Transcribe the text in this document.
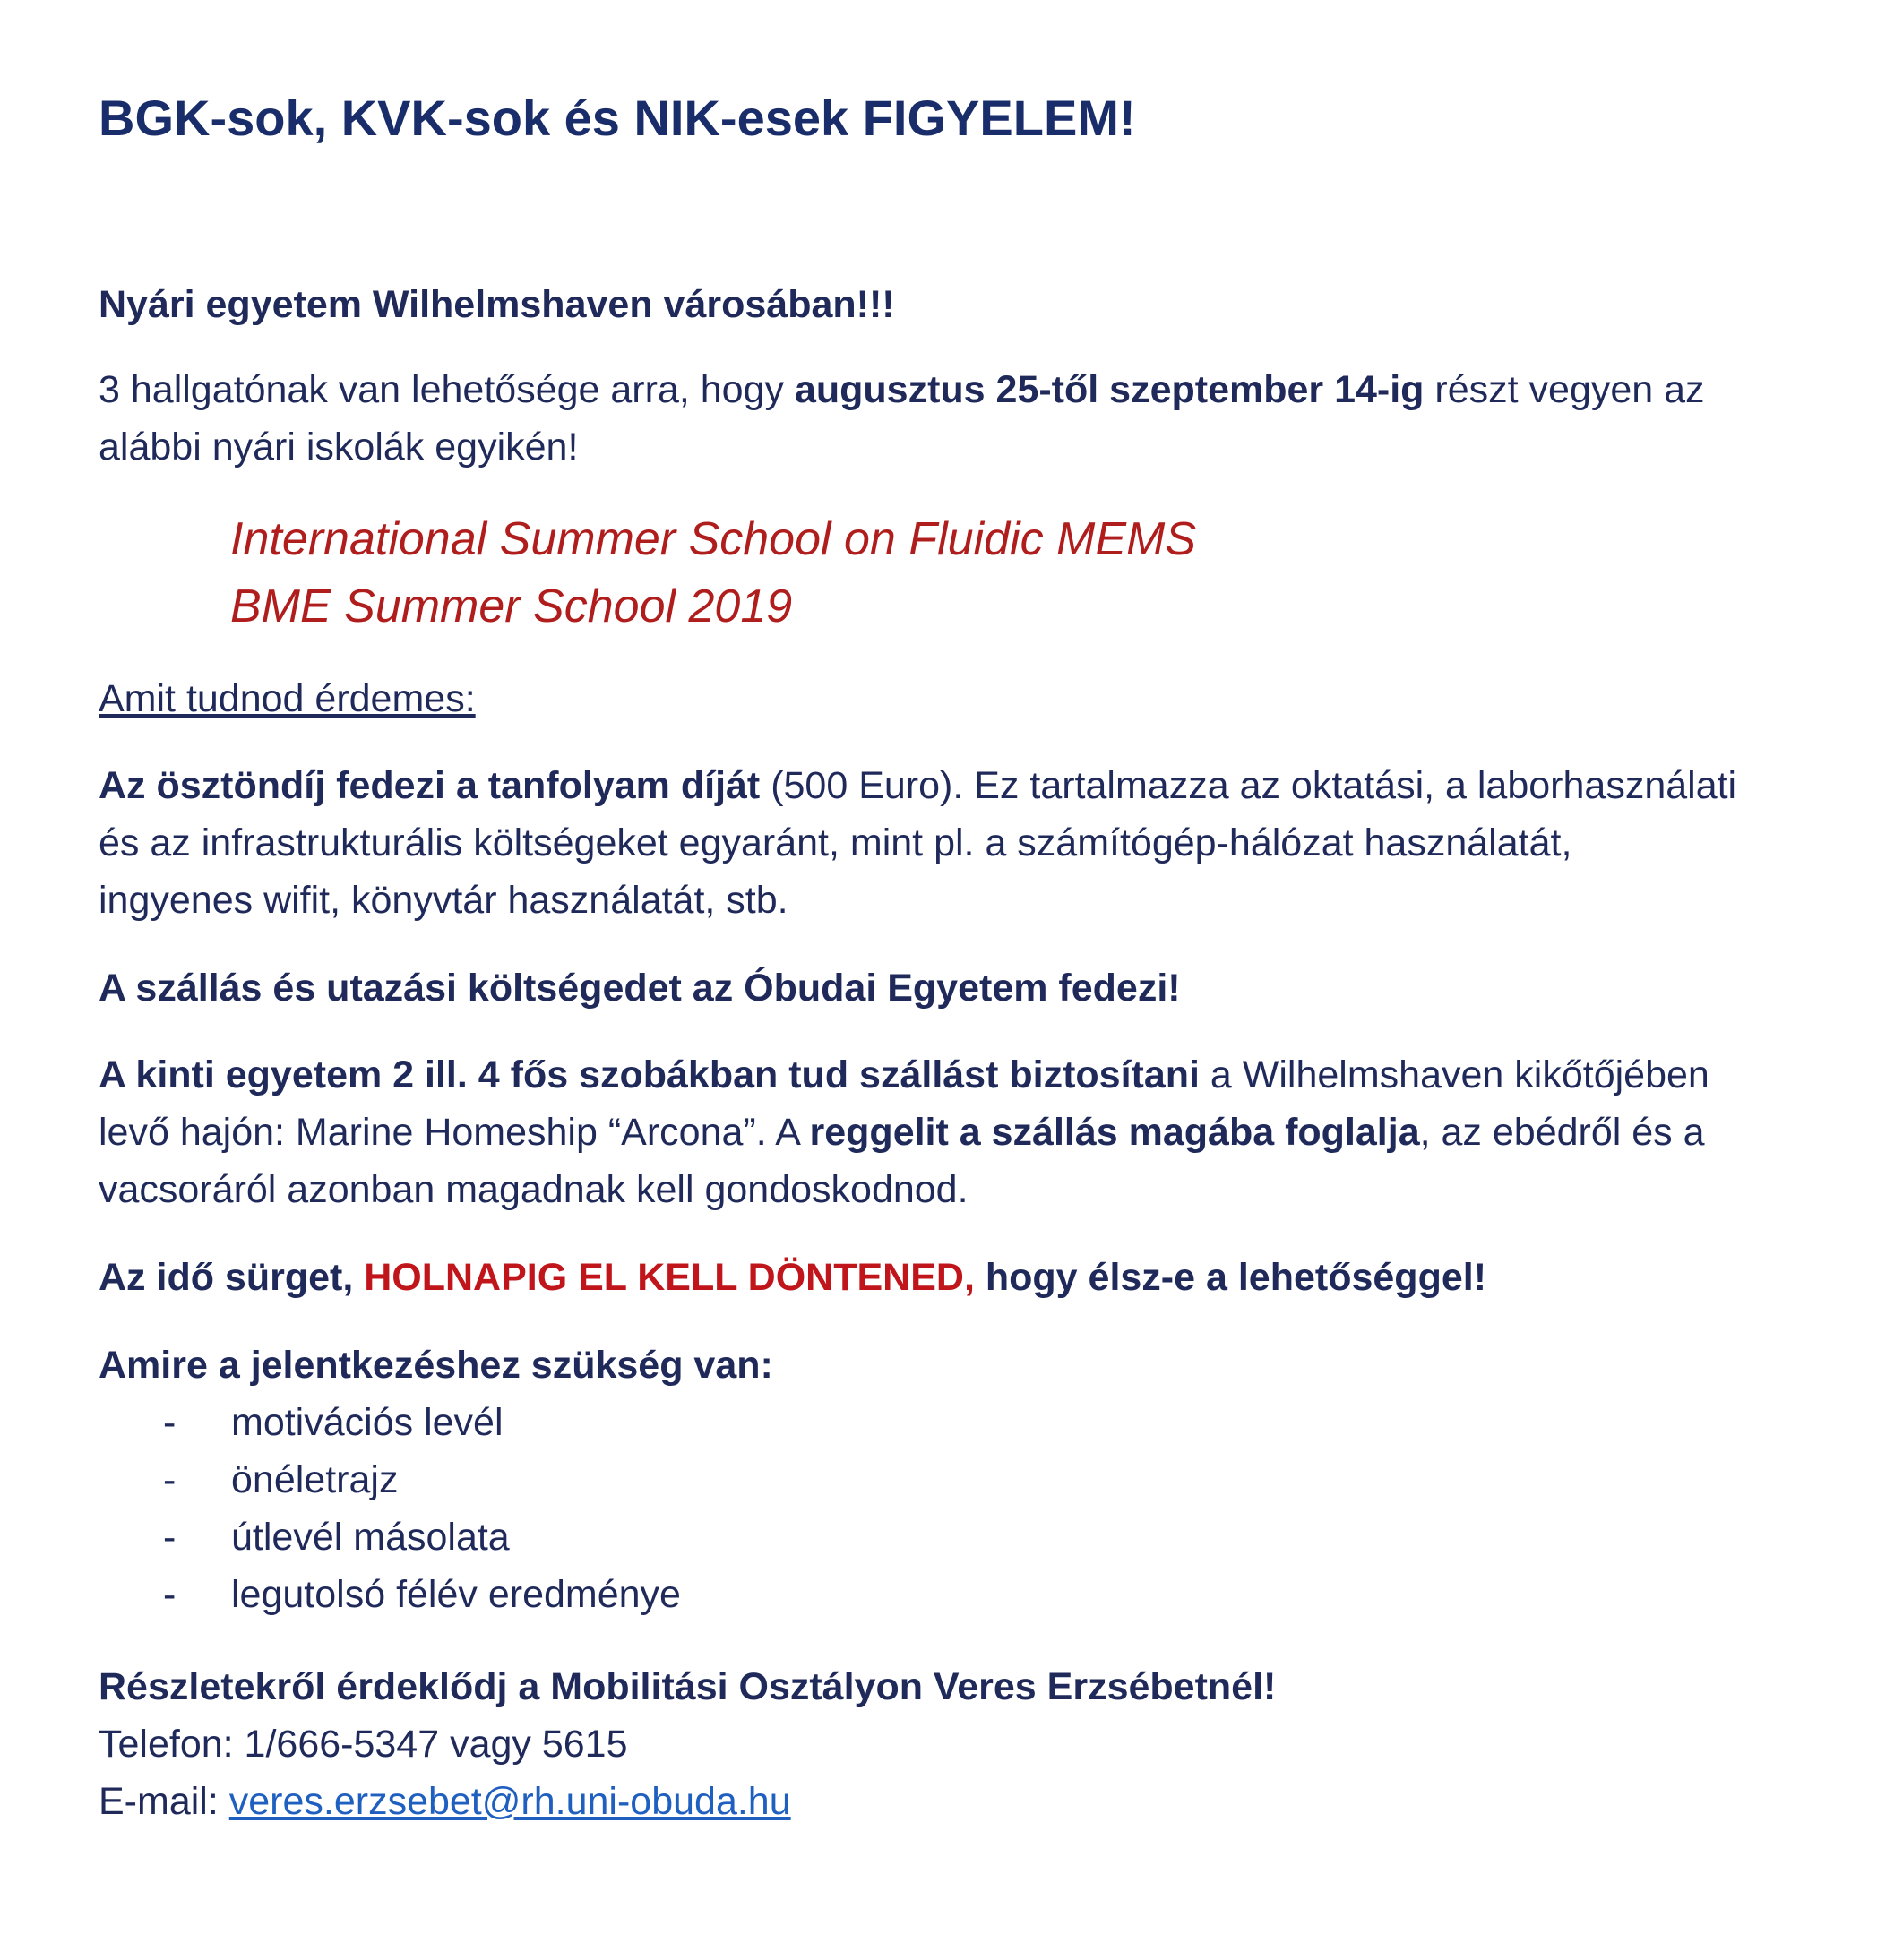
BGK-sok, KVK-sok és NIK-esek FIGYELEM!
Nyári egyetem Wilhelmshaven városában!!!
3 hallgatónak van lehetősége arra, hogy augusztus 25-től szeptember 14-ig részt vegyen az
alábbi nyári iskolák egyikén!
International Summer School on Fluidic MEMS
BME Summer School 2019
Amit tudnod érdemes:
Az ösztöndíj fedezi a tanfolyam díját (500 Euro). Ez tartalmazza az oktatási, a laborhasználati
és az infrastrukturális költségeket egyaránt, mint pl. a számítógép-hálózat használatát,
ingyenes wifit, könyvtár használatát, stb.
A szállás és utazási költségedet az Óbudai Egyetem fedezi!
A kinti egyetem 2 ill. 4 fős szobákban tud szállást biztosítani a Wilhelmshaven kikőtőjében
levő hajón: Marine Homeship “Arcona”. A reggelit a szállás magába foglalja, az ebédről és a
vacsoráról azonban magadnak kell gondoskodnod.
Az idő sürget, HOLNAPIG EL KELL DÖNTENED, hogy élsz-e a lehetőséggel!
Amire a jelentkezéshez szükség van:
- motivációs levél
- önéletrajz
- útlevél másolata
- legutolsó félév eredménye
Részletekről érdeklődj a Mobilitási Osztályon Veres Erzsébetnél!
Telefon: 1/666-5347 vagy 5615
E-mail: veres.erzsebet@rh.uni-obuda.hu
